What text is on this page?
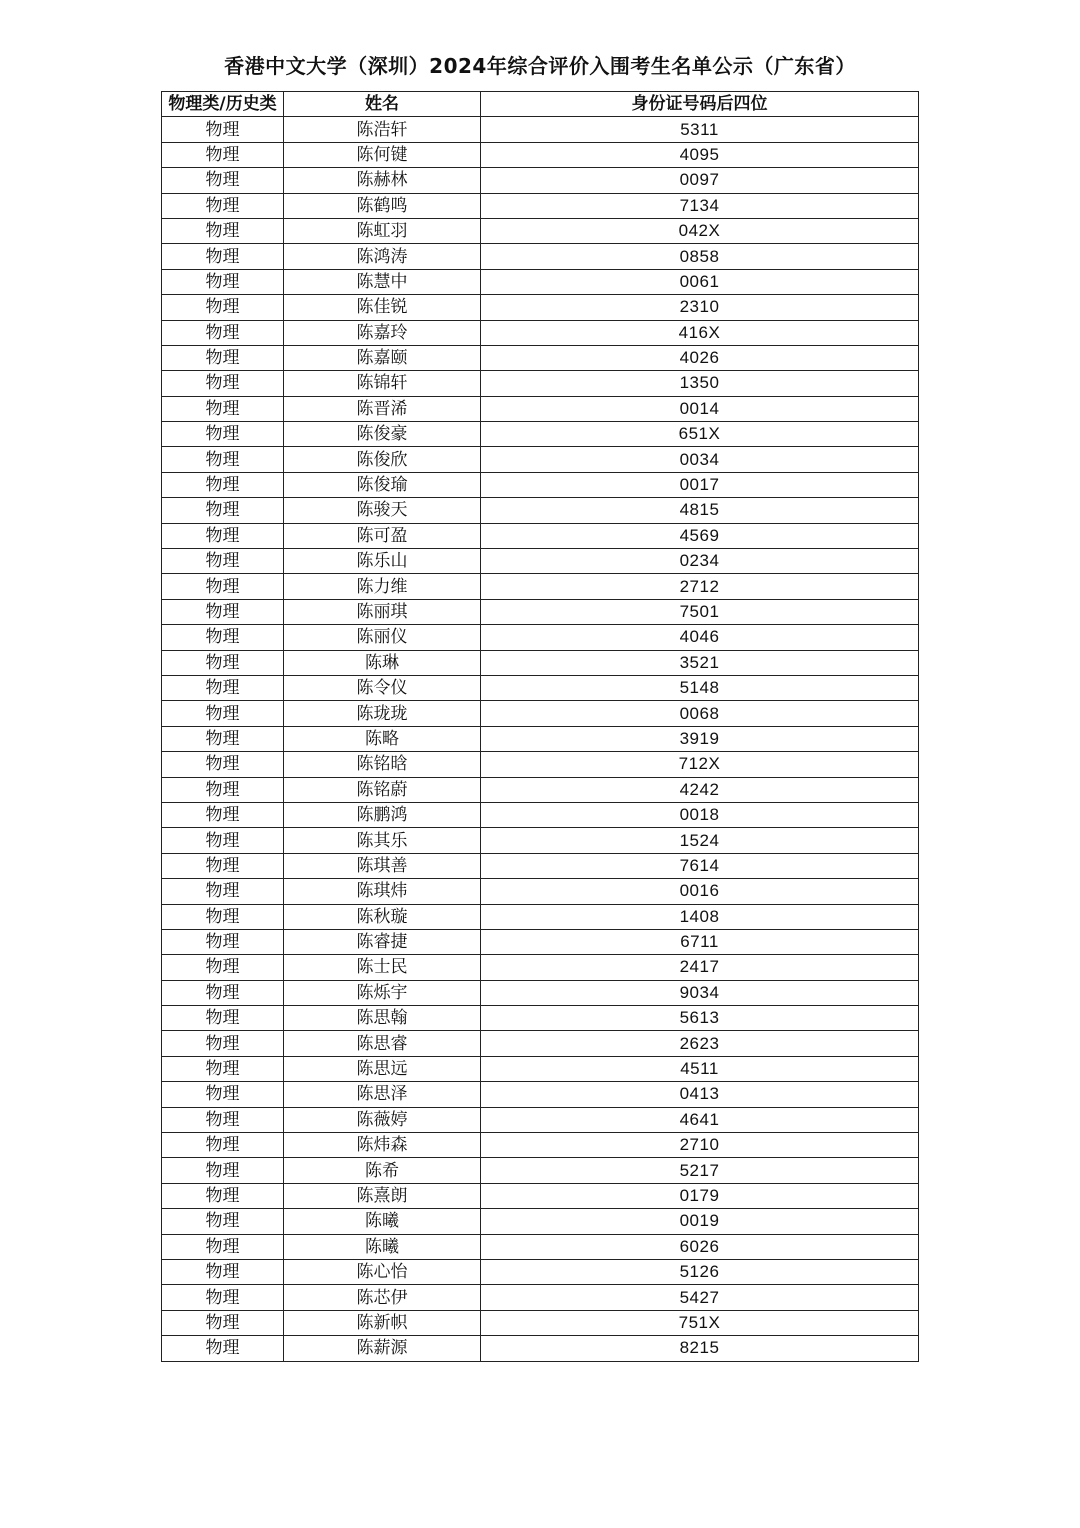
香港中文大学（深圳）2024年综合评价入围考生名单公示（广东省）
物理类/历史类	姓名	身份证号码后四位
物理	陈浩轩	5311
物理	陈何键	4095
物理	陈赫林	0097
物理	陈鹤鸣	7134
物理	陈虹羽	042X
物理	陈鸿涛	0858
物理	陈慧中	0061
物理	陈佳锐	2310
物理	陈嘉玲	416X
物理	陈嘉颐	4026
物理	陈锦轩	1350
物理	陈晋浠	0014
物理	陈俊豪	651X
物理	陈俊欣	0034
物理	陈俊瑜	0017
物理	陈骏天	4815
物理	陈可盈	4569
物理	陈乐山	0234
物理	陈力维	2712
物理	陈丽琪	7501
物理	陈丽仪	4046
物理	陈琳	3521
物理	陈令仪	5148
物理	陈珑珑	0068
物理	陈略	3919
物理	陈铭晗	712X
物理	陈铭蔚	4242
物理	陈鹏鸿	0018
物理	陈其乐	1524
物理	陈琪善	7614
物理	陈琪炜	0016
物理	陈秋璇	1408
物理	陈睿捷	6711
物理	陈士民	2417
物理	陈烁宇	9034
物理	陈思翰	5613
物理	陈思睿	2623
物理	陈思远	4511
物理	陈思泽	0413
物理	陈薇婷	4641
物理	陈炜森	2710
物理	陈希	5217
物理	陈熹朗	0179
物理	陈曦	0019
物理	陈曦	6026
物理	陈心怡	5126
物理	陈芯伊	5427
物理	陈新帜	751X
物理	陈薪源	8215
